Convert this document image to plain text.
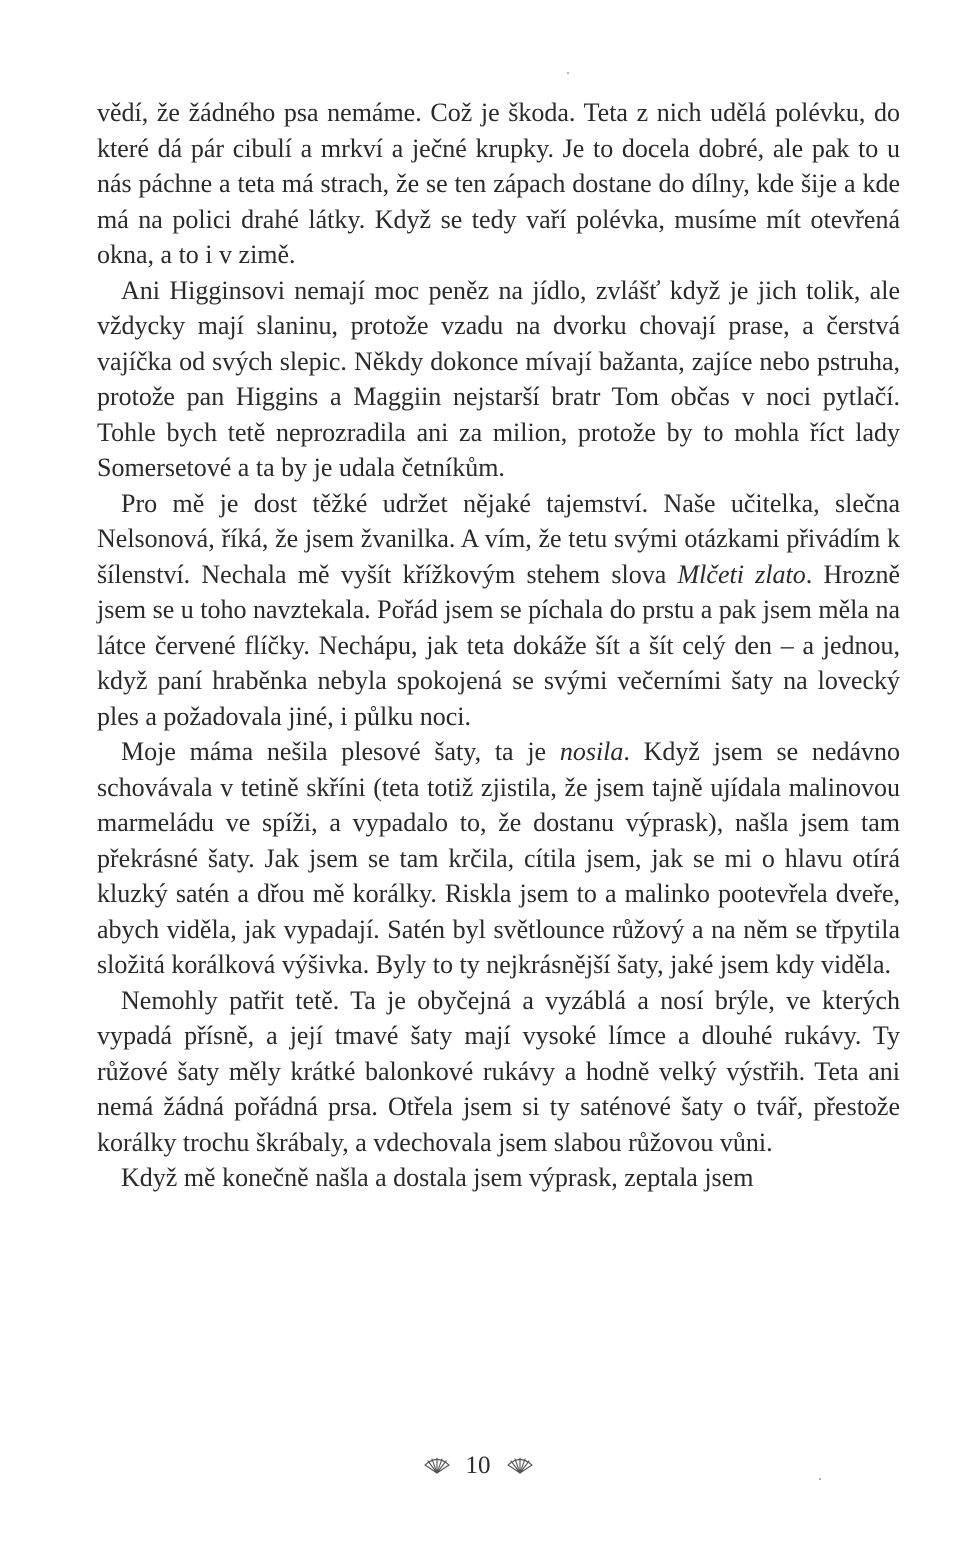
vědí, že žádného psa nemáme. Což je škoda. Teta z nich udělá polévku, do které dá pár cibulí a mrkví a ječné krupky. Je to docela dobré, ale pak to u nás páchne a teta má strach, že se ten zápach dostane do dílny, kde šije a kde má na polici drahé látky. Když se tedy vaří polévka, musíme mít otevřená okna, a to i v zimě.

Ani Higginsovi nemají moc peněz na jídlo, zvlášť když je jich tolik, ale vždycky mají slaninu, protože vzadu na dvorku chovají prase, a čerstvá vajíčka od svých slepic. Někdy dokonce mívají bažanta, zajíce nebo pstruha, protože pan Higgins a Maggiin nejstarší bratr Tom občas v noci pytlačí. Tohle bych tetě neprozradila ani za milion, protože by to mohla říct lady Somersetové a ta by je udala četníkům.

Pro mě je dost těžké udržet nějaké tajemství. Naše učitelka, slečna Nelsonová, říká, že jsem žvanilka. A vím, že tetu svými otázkami přivádím k šílenství. Nechala mě vyšít křížkovým stehem slova Mlčeti zlato. Hrozně jsem se u toho navztekala. Pořád jsem se píchala do prstu a pak jsem měla na látce červené flíčky. Nechápu, jak teta dokáže šít a šít celý den – a jednou, když paní hraběnka nebyla spokojená se svými večerními šaty na lovecký ples a požadovala jiné, i půlku noci.

Moje máma nešila plesové šaty, ta je nosila. Když jsem se nedávno schovávala v tetině skříni (teta totiž zjistila, že jsem tajně ujídala malinovou marmeládu ve spíži, a vypadalo to, že dostanu výprask), našla jsem tam překrásné šaty. Jak jsem se tam krčila, cítila jsem, jak se mi o hlavu otírá kluzký satén a dřou mě korálky. Riskla jsem to a malinko pootevřela dveře, abych viděla, jak vypadají. Satén byl světlounce růžový a na něm se třpytila složitá korálková výšivka. Byly to ty nejkrásnější šaty, jaké jsem kdy viděla.

Nemohly patřit tetě. Ta je obyčejná a vyzáblá a nosí brýle, ve kterých vypadá přísně, a její tmavé šaty mají vysoké límce a dlouhé rukávy. Ty růžové šaty měly krátké balonkové rukávy a hodně velký výstřih. Teta ani nemá žádná pořádná prsa. Otřela jsem si ty saténové šaty o tvář, přestože korálky trochu škrábaly, a vdechovala jsem slabou růžovou vůni.

Když mě konečně našla a dostala jsem výprask, zeptala jsem

10
